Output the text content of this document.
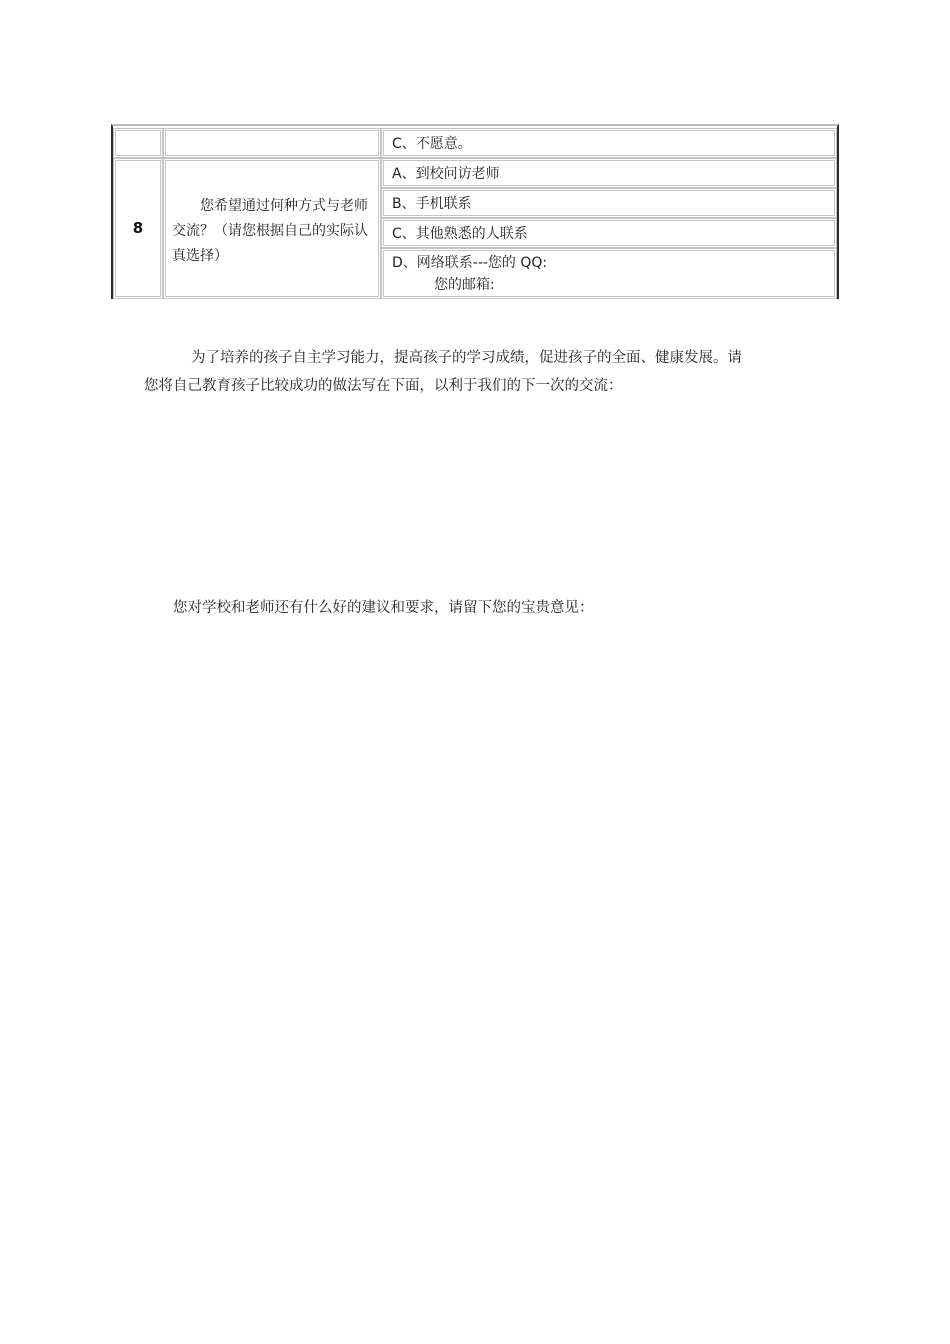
C、不愿意。
8
您希望通过何种方式与老师交流？（请您根据自己的实际认真选择）
A、到校问访老师
B、手机联系
C、其他熟悉的人联系
D、网络联系---您的 QQ:
您的邮箱:
为了培养的孩子自主学习能力，提高孩子的学习成绩，促进孩子的全面、健康发展。请
您将自己教育孩子比较成功的做法写在下面，以利于我们的下一次的交流：
您对学校和老师还有什么好的建议和要求，请留下您的宝贵意见：
